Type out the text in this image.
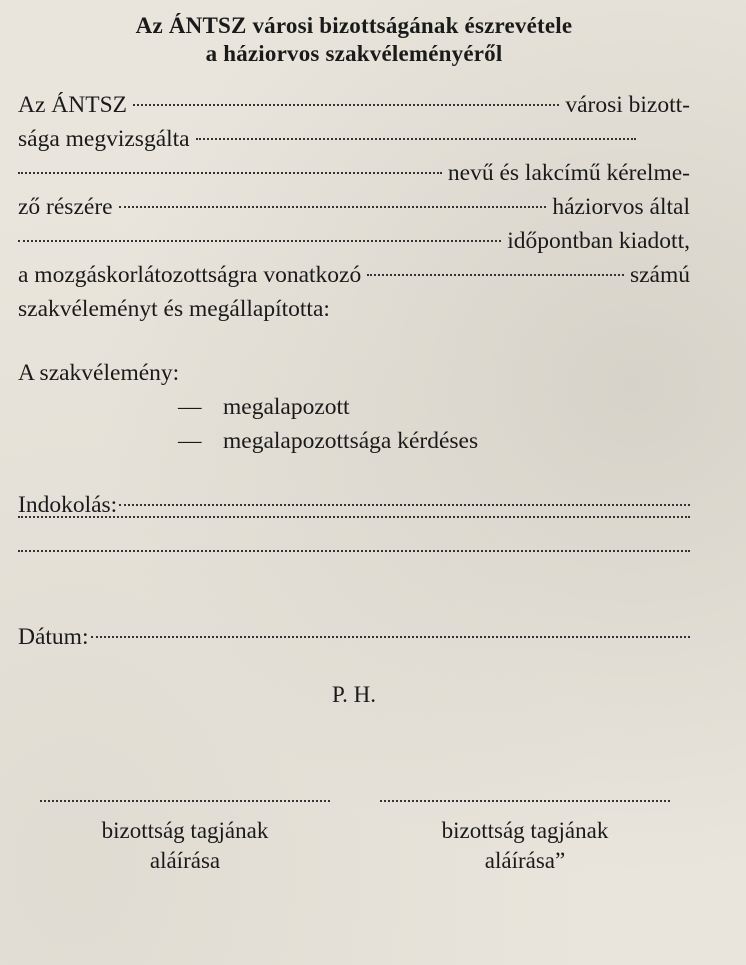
Az ÁNTSZ városi bizottságának észrevétele
a háziorvos szakvéleményéről
Az ÁNTSZ	városi bizott-
sága megvizsgálta
nevű és lakcímű kérelme-
ző részére	háziorvos által
időpontban kiadott,
a mozgáskorlátozottságra vonatkozó	számú
szakvéleményt és megállapította:
A szakvélemény:
— megalapozott
— megalapozottsága kérdéses
Indokolás:
Dátum:
P. H.
bizottság tagjának
aláírása
bizottság tagjának
aláírása”
